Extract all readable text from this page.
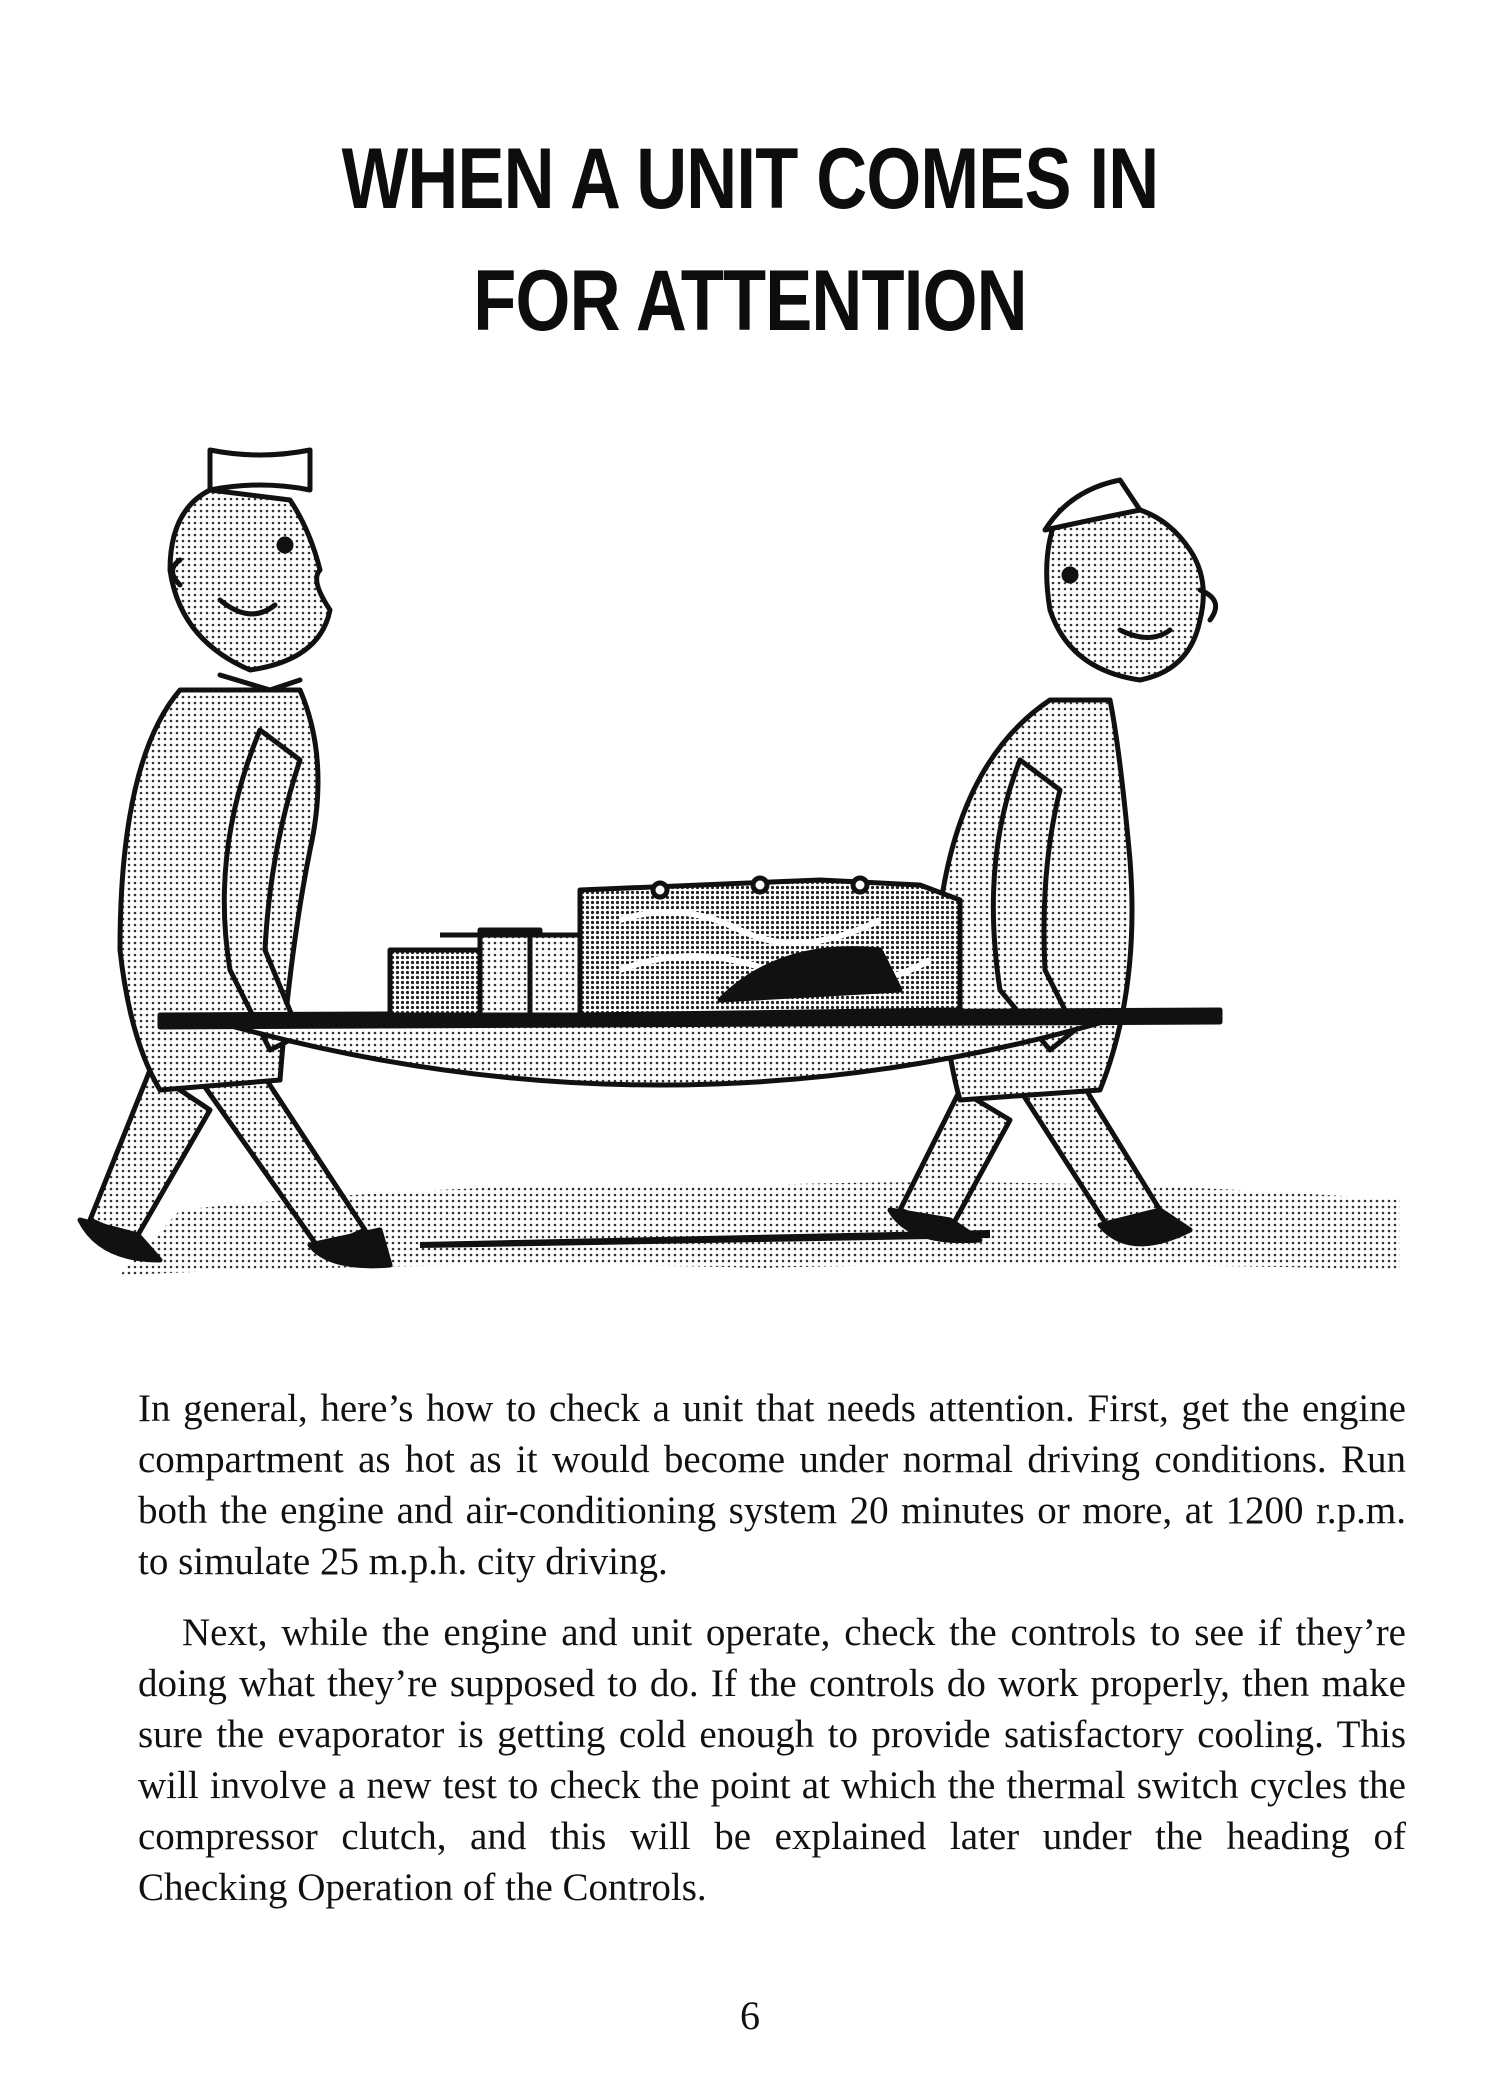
WHEN A UNIT COMES IN
FOR ATTENTION

In general, here’s how to check a unit that needs attention. First, get the engine compartment as hot as it would become under normal driving conditions. Run both the engine and air-conditioning system 20 minutes or more, at 1200 r.p.m. to simulate 25 m.p.h. city driving.

Next, while the engine and unit operate, check the controls to see if they’re doing what they’re supposed to do. If the controls do work properly, then make sure the evaporator is getting cold enough to provide satisfactory cooling. This will involve a new test to check the point at which the thermal switch cycles the compressor clutch, and this will be explained later under the heading of Checking Operation of the Controls.

6
